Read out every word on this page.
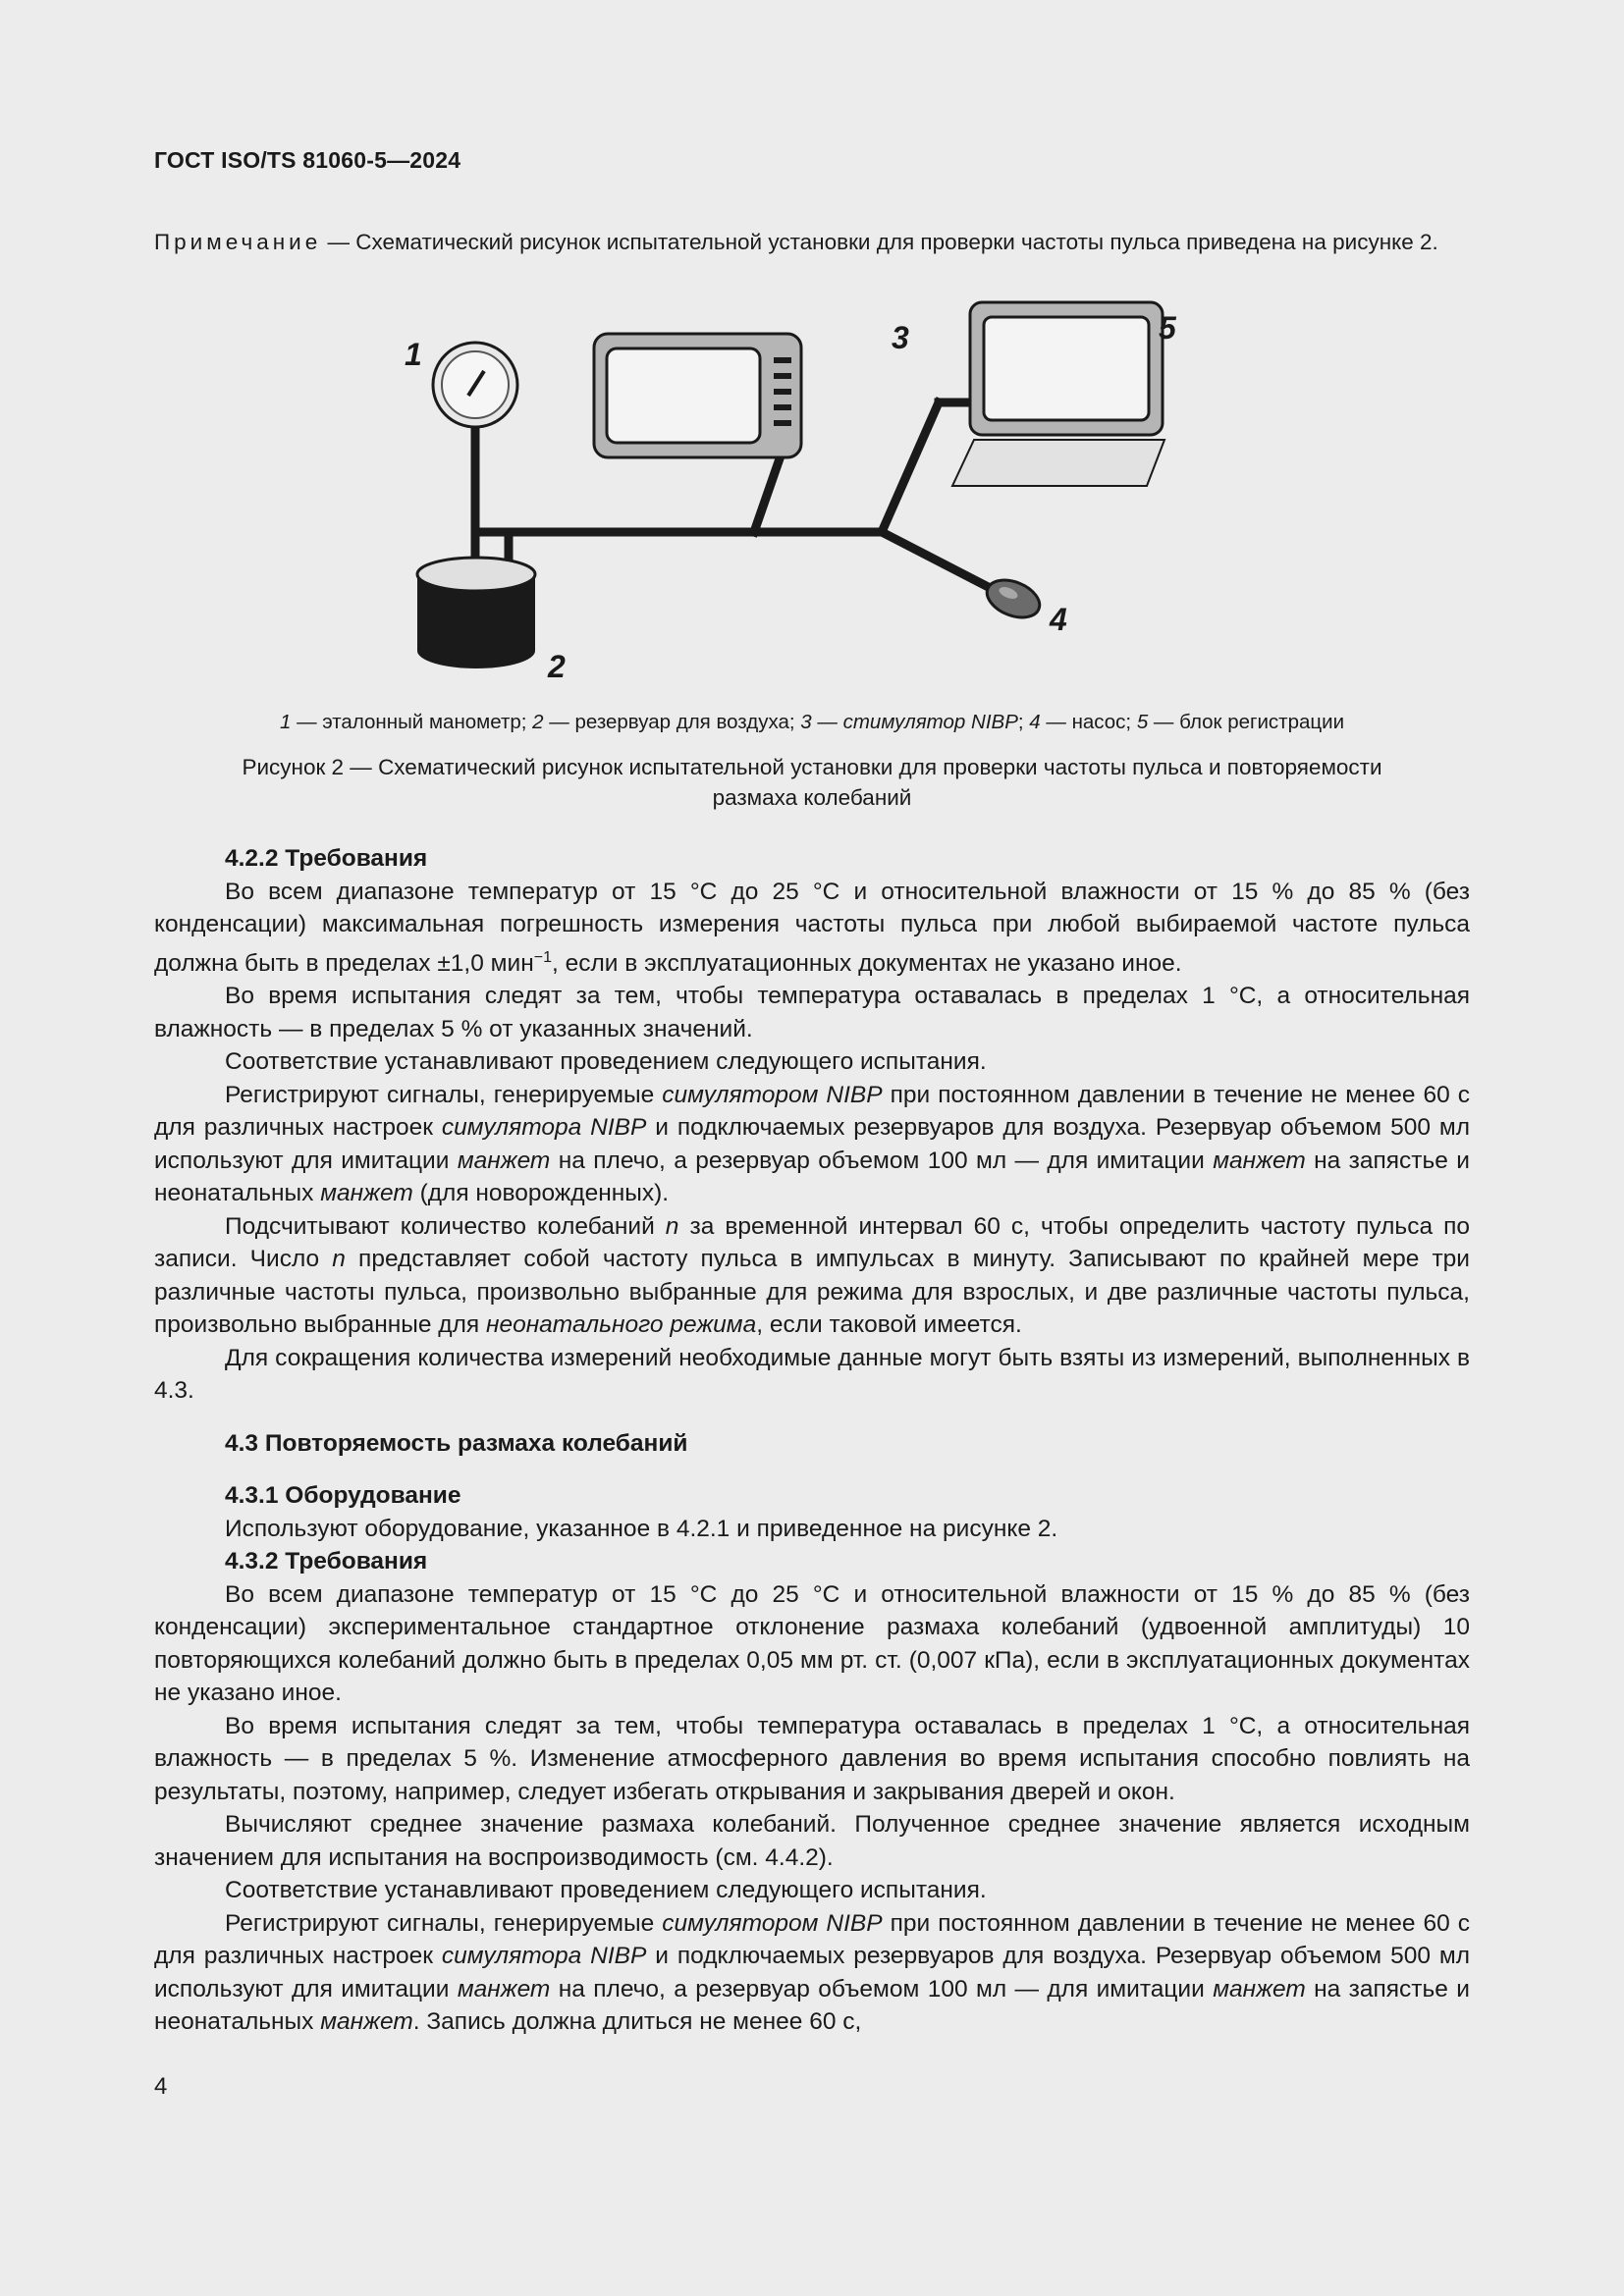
ГОСТ ISO/TS 81060-5—2024
Примечание — Схематический рисунок испытательной установки для проверки частоты пульса приведена на рисунке 2.
1
2
3
4
5
1 — эталонный манометр; 2 — резервуар для воздуха; 3 — стимулятор NIBP; 4 — насос; 5 — блок регистрации
Рисунок 2 — Схематический рисунок испытательной установки для проверки частоты пульса и повторяемости
размаха колебаний

4.2.2 Требования

Во всем диапазоне температур от 15 °С до 25 °С и относительной влажности от 15 % до 85 % (без конденсации) максимальная погрешность измерения частоты пульса при любой выбираемой частоте пульса должна быть в пределах ±1,0 мин$^{-1}$, если в эксплуатационных документах не указано иное.

Во время испытания следят за тем, чтобы температура оставалась в пределах 1 °С, а относительная влажность — в пределах 5 % от указанных значений.

Соответствие устанавливают проведением следующего испытания.

Регистрируют сигналы, генерируемые симулятором NIBP при постоянном давлении в течение не менее 60 с для различных настроек симулятора NIBP и подключаемых резервуаров для воздуха. Резервуар объемом 500 мл используют для имитации манжет на плечо, а резервуар объемом 100 мл — для имитации манжет на запястье и неонатальных манжет (для новорожденных).

Подсчитывают количество колебаний n за временной интервал 60 с, чтобы определить частоту пульса по записи. Число n представляет собой частоту пульса в импульсах в минуту. Записывают по крайней мере три различные частоты пульса, произвольно выбранные для режима для взрослых, и две различные частоты пульса, произвольно выбранные для неонатального режима, если таковой имеется.

Для сокращения количества измерений необходимые данные могут быть взяты из измерений, выполненных в 4.3.

4.3 Повторяемость размаха колебаний

4.3.1 Оборудование

Используют оборудование, указанное в 4.2.1 и приведенное на рисунке 2.

4.3.2 Требования

Во всем диапазоне температур от 15 °С до 25 °С и относительной влажности от 15 % до 85 % (без конденсации) экспериментальное стандартное отклонение размаха колебаний (удвоенной амплитуды) 10 повторяющихся колебаний должно быть в пределах 0,05 мм рт. ст. (0,007 кПа), если в эксплуатационных документах не указано иное.

Во время испытания следят за тем, чтобы температура оставалась в пределах 1 °С, а относительная влажность — в пределах 5 %. Изменение атмосферного давления во время испытания способно повлиять на результаты, поэтому, например, следует избегать открывания и закрывания дверей и окон.

Вычисляют среднее значение размаха колебаний. Полученное среднее значение является исходным значением для испытания на воспроизводимость (см. 4.4.2).

Соответствие устанавливают проведением следующего испытания.

Регистрируют сигналы, генерируемые симулятором NIBP при постоянном давлении в течение не менее 60 с для различных настроек симулятора NIBP и подключаемых резервуаров для воздуха. Резервуар объемом 500 мл используют для имитации манжет на плечо, а резервуар объемом 100 мл — для имитации манжет на запястье и неонатальных манжет. Запись должна длиться не менее 60 с,

4
